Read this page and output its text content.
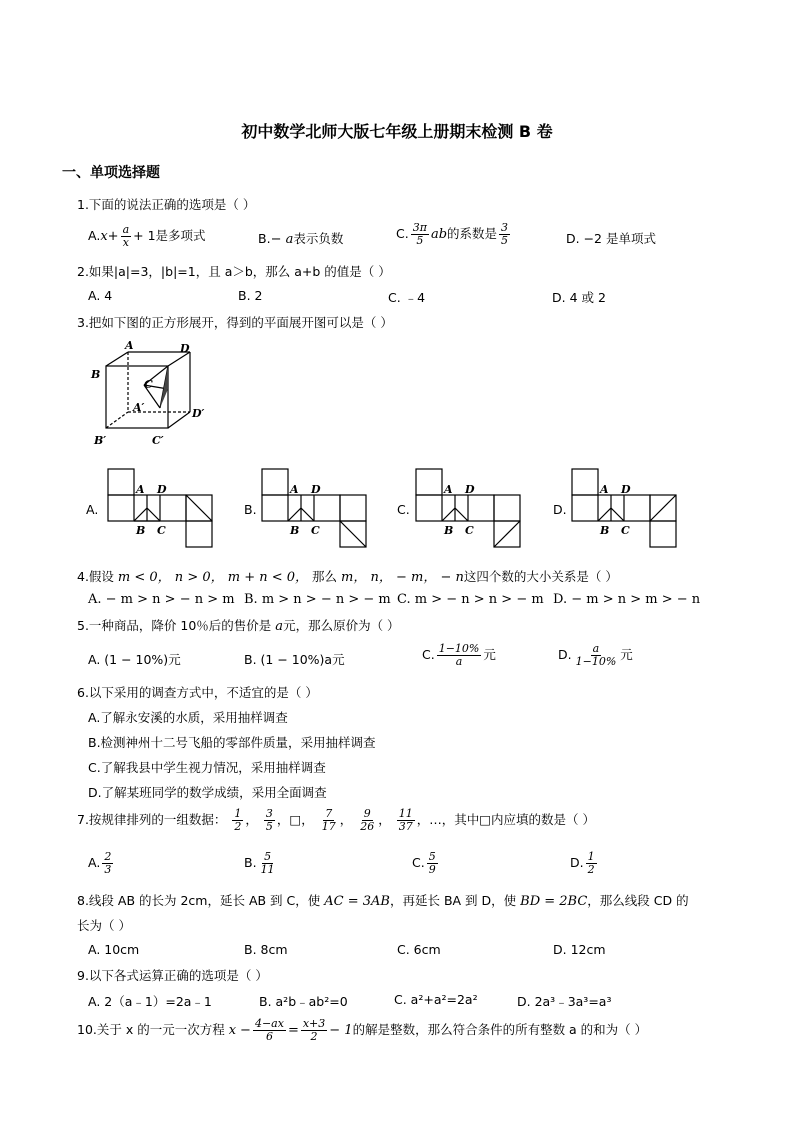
初中数学北师大版七年级上册期末检测 B 卷
一、单项选择题
1.下面的说法正确的选项是（ ）
$A.x+ \frac{a}{x} + 1$是多项式	B.− a表示负数	C. $\frac{3\pi}{5}$ ab的系数是 $\frac{3}{5}$	D. −2 是单项式
2.如果|a|=3，|b|=1，且 a＞b，那么 a+b 的值是（ ）
A. 4	B. 2	C. ﹣4	D. 4 或 2
3.把如下图的正方形展开，得到的平面展开图可以是（ ）
A	D
B
C
A′	D′
B′	C′
A.
A D
B C
B.
A D
B C
C.
A D
B C
D.
A D
B C
4.假设 m < 0， n > 0， m + n < 0， 那么 m， n， − m， − n这四个数的大小关系是（ ）
A. − m > n > − n > m B. m > n > − n > − m C. m > − n > n > − m D. − m > n > m > − n
5.一种商品，降价 10％后的售价是 a元，那么原价为（ ）
A. (1 − 10%)元	B. (1 − 10%)a元	C. $\frac{1-10\%}{a}$ 元	D. $\frac{a}{1-10\%}$ 元
6.以下采用的调查方式中，不适宜的是（ ）
A.了解永安溪的水质，采用抽样调查
B.检测神州十二号飞船的零部件质量，采用抽样调查
C.了解我县中学生视力情况，采用抽样调查
D.了解某班同学的数学成绩，采用全面调查
7.按规律排列的一组数据： $\frac{1}{2}$ ， $\frac{3}{5}$ ，□， $\frac{7}{17}$ ， $\frac{9}{26}$ ， $\frac{11}{37}$ ，…，其中□内应填的数是（ ）
A. $\frac{2}{3}$	B. $\frac{5}{11}$	C. $\frac{5}{9}$	D. $\frac{1}{2}$
8.线段 AB 的长为 2cm，延长 AB 到 C，使 AC = 3AB，再延长 BA 到 D，使 BD = 2BC，那么线段 CD 的
长为（ ）
A. 10cm	B. 8cm	C. 6cm	D. 12cm
9.以下各式运算正确的选项是（ ）
A. 2（a﹣1）=2a﹣1	B. a²b﹣ab²=0	C. a²+a²=2a²	D. 2a³﹣3a³=a³
10.关于 x 的一元一次方程 $x - \frac{4-ax}{6} = \frac{x+3}{2} - 1$的解是整数，那么符合条件的所有整数 a 的和为（ ）
